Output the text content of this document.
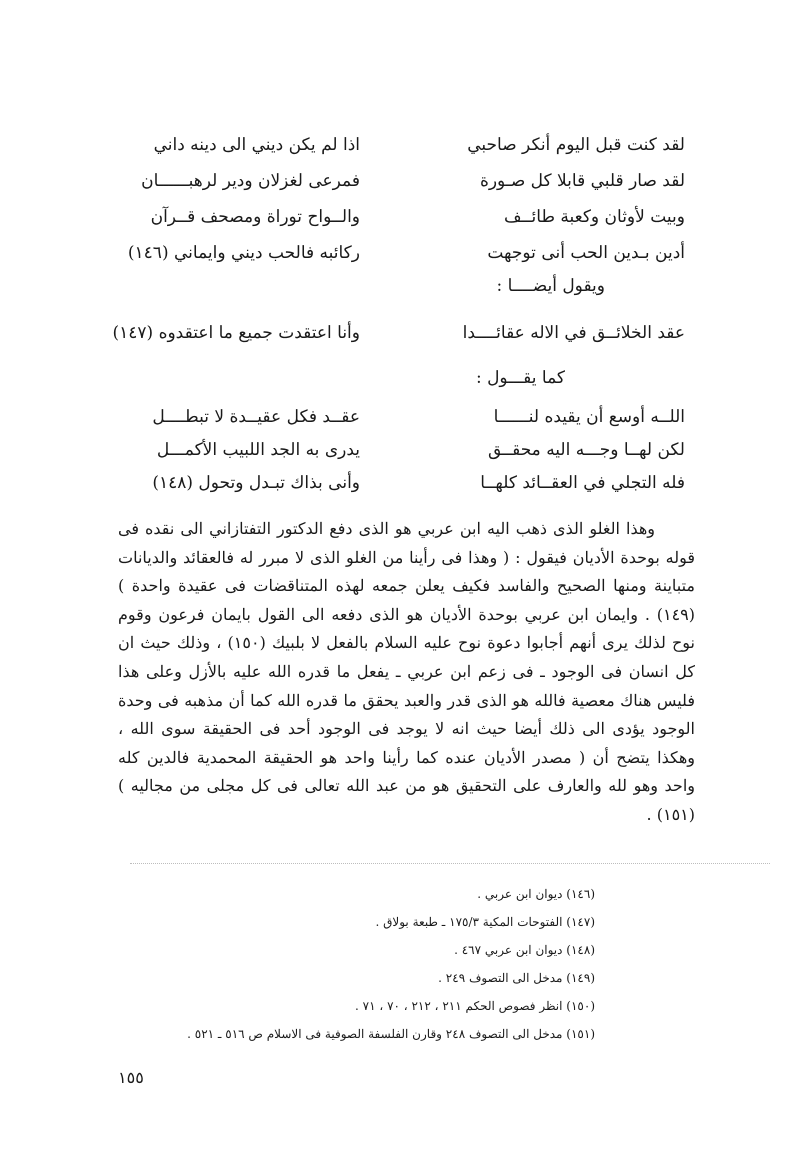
لقد كنت قبل اليوم أنكر صاحبي
اذا لم يكن ديني الى دينه داني
لقد صار قلبي قابلا كل صـورة
فمرعى لغزلان ودير لرهبــــــان
وبيت لأوثان وكعبة طائــف
والــواح توراة ومصحف قــرآن
أدين بـدين الحب أنى توجهت
ركائبه فالحب ديني وايماني (١٤٦)
ويقول أيضــــا :
عقد الخلائــق في الاله عقائــــدا
وأنا اعتقدت جميع ما اعتقدوه (١٤٧)
كما يقـــول :
اللــه أوسع أن يقيده لنــــــا
عقــد فكل عقيــدة لا تبطــــل
لكن لهــا وجـــه اليه محقــق
يدرى به الجد اللبيب الأكمـــل
فله التجلي في العقــائد كلهــا
وأنى بذاك تبـدل وتحول (١٤٨)

وهذا الغلو الذى ذهب اليه ابن عربي هو الذى دفع الدكتور التفتازاني الى نقده فى قوله بوحدة الأديان فيقول : ( وهذا فى رأينا من الغلو الذى لا مبرر له فالعقائد والديانات متباينة ومنها الصحيح والفاسد فكيف يعلن جمعه لهذه المتناقضات فى عقيدة واحدة ) (١٤٩) . وايمان ابن عربي بوحدة الأديان هو الذى دفعه الى القول بايمان فرعون وقوم نوح لذلك يرى أنهم أجابوا دعوة نوح عليه السلام بالفعل لا بلبيك (١٥٠) ، وذلك حيث ان كل انسان فى الوجود ـ فى زعم ابن عربي ـ يفعل ما قدره الله عليه بالأزل وعلى هذا فليس هناك معصية فالله هو الذى قدر والعبد يحقق ما قدره الله كما أن مذهبه فى وحدة الوجود يؤدى الى ذلك أيضا حيث انه لا يوجد فى الوجود أحد فى الحقيقة سوى الله ، وهكذا يتضح أن ( مصدر الأديان عنده كما رأينا واحد هو الحقيقة المحمدية فالدين كله واحد وهو لله والعارف على التحقيق هو من عبد الله تعالى فى كل مجلى من مجاليه ) (١٥١) .

(١٤٦) ديوان ابن عربي .
(١٤٧) الفتوحات المكية ١٧٥/٣ ـ طبعة بولاق .
(١٤٨) ديوان ابن عربي ٤٦٧ .
(١٤٩) مدخل الى التصوف ٢٤٩ .
(١٥٠) انظر فصوص الحكم ٢١١ ، ٢١٢ ، ٧٠ ، ٧١ .
(١٥١) مدخل الى التصوف ٢٤٨ وقارن الفلسفة الصوفية فى الاسلام ص ٥١٦ ـ ٥٢١ .
١٥٥
